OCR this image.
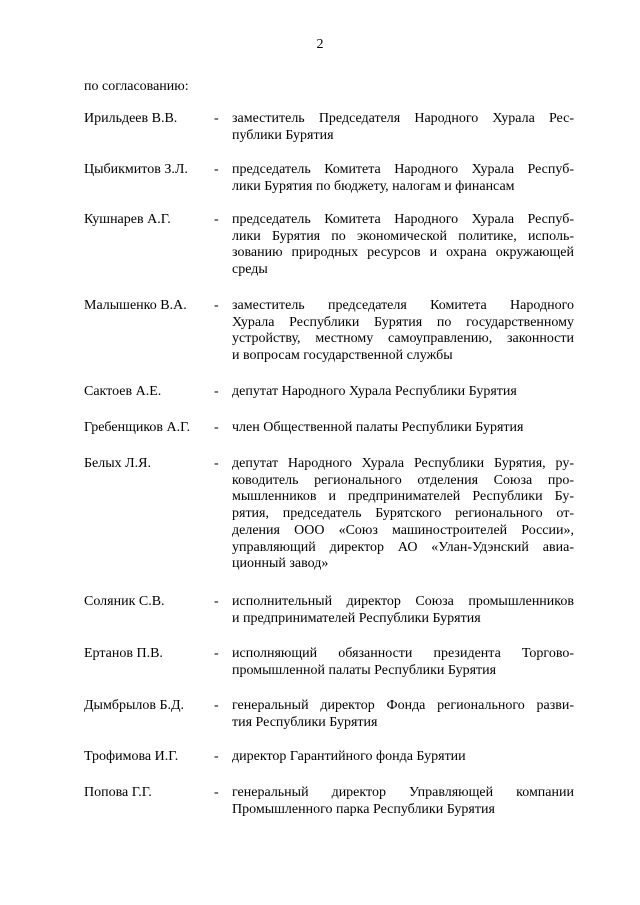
2
по согласованию:
Ирильдеев В.В.	- заместитель Председателя Народного Хурала Рес-
публики Бурятия
Цыбикмитов З.Л. - председатель Комитета Народного Хурала Респуб-
лики Бурятия по бюджету, налогам и финансам
Кушнарев А.Г.	- председатель Комитета Народного Хурала Респуб-
лики Бурятия по экономической политике, исполь-
зованию природных ресурсов и охрана окружающей
среды
Малышенко В.А. - заместитель председателя Комитета Народного
Хурала Республики Бурятия по государственному
устройству, местному самоуправлению, законности
и вопросам государственной службы
Сактоев А.Е.	- депутат Народного Хурала Республики Бурятия
Гребенщиков А.Г. - член Общественной палаты Республики Бурятия
Белых Л.Я.	- депутат Народного Хурала Республики Бурятия, ру-
ководитель регионального отделения Союза про-
мышленников и предпринимателей Республики Бу-
рятия, председатель Бурятского регионального от-
деления ООО «Союз машиностроителей России»,
управляющий директор АО «Улан-Удэнский авиа-
ционный завод»
Соляник С.В.	- исполнительный директор Союза промышленников
и предпринимателей Республики Бурятия
Ертанов П.В.	- исполняющий обязанности президента Торгово-
промышленной палаты Республики Бурятия
Дымбрылов Б.Д. - генеральный директор Фонда регионального разви-
тия Республики Бурятия
Трофимова И.Г.	- директор Гарантийного фонда Бурятии
Попова Г.Г.	- генеральный директор Управляющей компании
Промышленного парка Республики Бурятия
